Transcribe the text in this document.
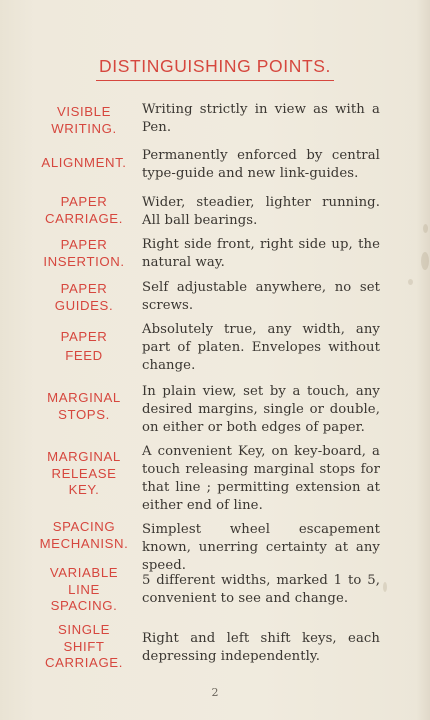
DISTINGUISHING POINTS.
VISIBLE
WRITING.
Writing strictly in view as with a Pen.
ALIGNMENT.	Permanently enforced by central type-guide and new link-guides.
PAPER
CARRIAGE.
Wider, steadier, lighter running. All ball bearings.
PAPER
INSERTION.
Right side front, right side up, the natural way.
PAPER
GUIDES.
Self adjustable anywhere, no set screws.
PAPER
FEED
Absolutely true, any width, any part of platen. Envelopes without change.
MARGINAL
STOPS.
In plain view, set by a touch, any desired margins, single or double, on either or both edges of paper.
MARGINAL
RELEASE
KEY.
A convenient Key, on key-board, a touch releasing marginal stops for that line ; permitting extension at either end of line.
SPACING
MECHANISN.
Simplest wheel escapement known, unerring certainty at any speed.
VARIABLE
LINE
SPACING.
5 different widths, marked 1 to 5, convenient to see and change.
SINGLE
SHIFT
CARRIAGE.
Right and left shift keys, each depressing independently.
2
